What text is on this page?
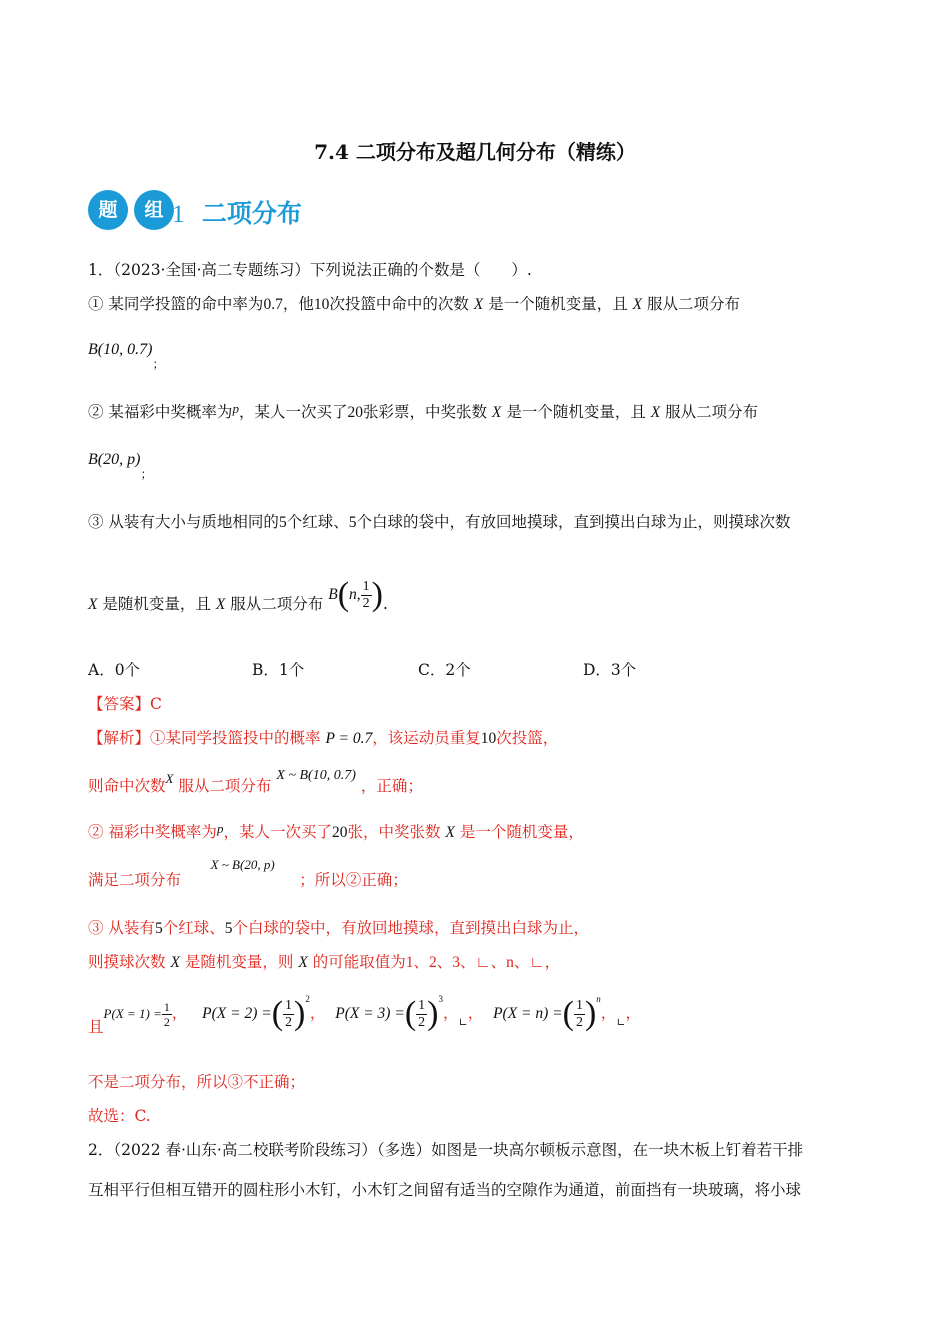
7.4 二项分布及超几何分布（精练）
题	组 1 二项分布
1．（2023·全国·高二专题练习）下列说法正确的个数是（　　）.
① 某同学投篮的命中率为0.7，他10次投篮中命中的次数 X 是一个随机变量，且 X 服从二项分布
B(10, $0.7)_;$
② 某福彩中奖概率为$^p$，某人一次买了20张彩票，中奖张数 X 是一个随机变量，且 X 服从二项分布
B(20, $p)_;$
③ 从装有大小与质地相同的5个红球、5个白球的袋中，有放回地摸球，直到摸出白球为止，则摸球次数
X 是随机变量，且 X 服从二项分布 B(n, $\frac{1}{2}$ ).
A．0个	B．1个	C．2个	D．3个
【答案】C
【解析】①某同学投篮投中的概率 P = 0.7，该运动员重复10次投篮，
则命中次数$_X$ 服从二项分布 X ~ B(10, 0.7) ，正确；
② 福彩中奖概率为$^p$，某人一次买了20张，中奖张数 X 是一个随机变量，
满足二项分布      X ~ B(20, p)     ；所以②正确；
③ 从装有5个红球、5个白球的袋中，有放回地摸球，直到摸出白球为止，
则摸球次数 X 是随机变量，则 X 的可能取值为1、2、3、∟、n、∟，
且$P(X = 1) = \frac{1}{2}$ ， P(X = 2) =( $\frac{1}{2} )^2$， P(X = 3) =( $\frac{1}{2} )^3$，$_∟$， P(X = n) =( $\frac{1}{2} )^n$，$_∟$，
不是二项分布，所以③不正确；
故选：C.
2．（2022 春·山东·高二校联考阶段练习）（多选）如图是一块高尔顿板示意图，在一块木板上钉着若干排
互相平行但相互错开的圆柱形小木钉，小木钉之间留有适当的空隙作为通道，前面挡有一块玻璃，将小球
